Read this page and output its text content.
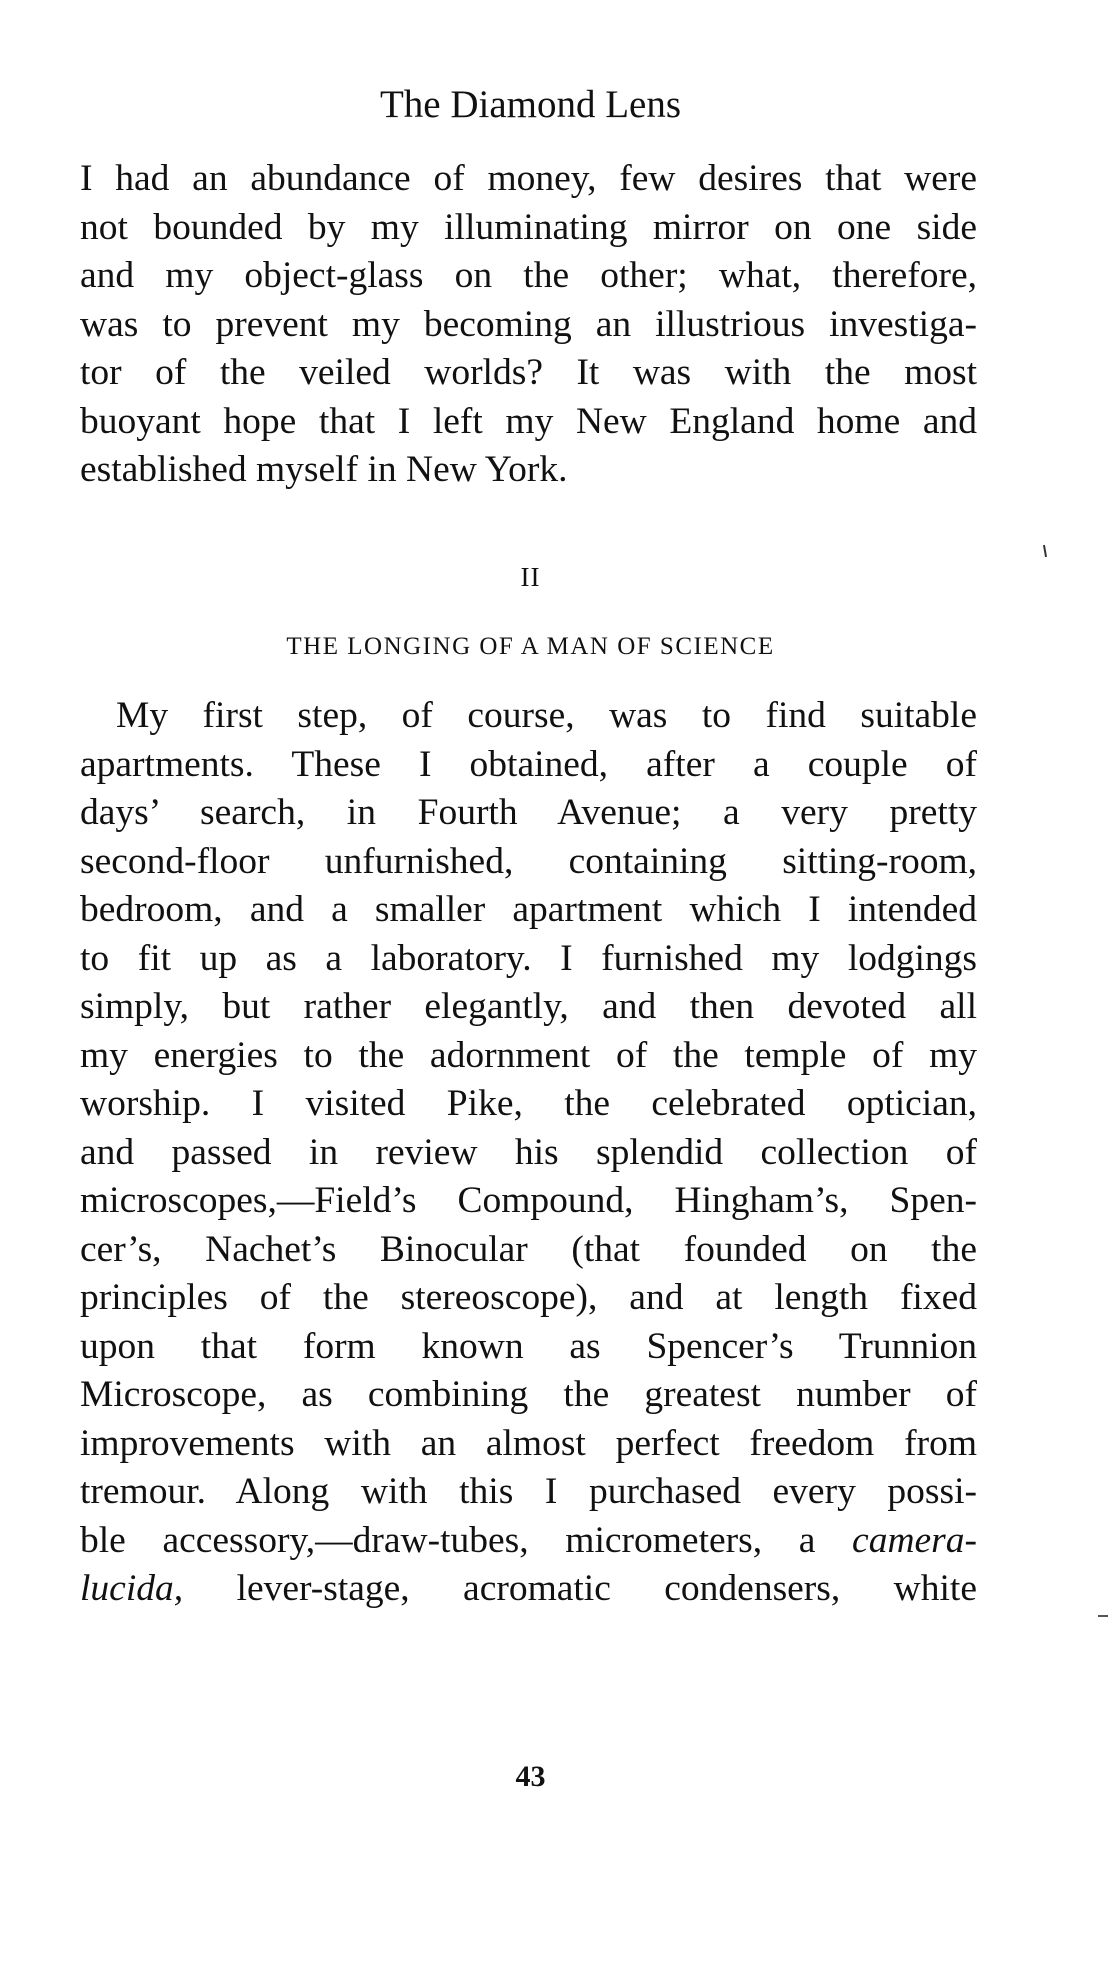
The Diamond Lens
I had an abundance of money, few desires that were
not bounded by my illuminating mirror on one side
and my object-glass on the other; what, therefore,
was to prevent my becoming an illustrious investiga-
tor of the veiled worlds? It was with the most
buoyant hope that I left my New England home and
established myself in New York.
II
THE LONGING OF A MAN OF SCIENCE
My first step, of course, was to find suitable
apartments. These I obtained, after a couple of
days’ search, in Fourth Avenue; a very pretty
second-floor unfurnished, containing sitting-room,
bedroom, and a smaller apartment which I intended
to fit up as a laboratory. I furnished my lodgings
simply, but rather elegantly, and then devoted all
my energies to the adornment of the temple of my
worship. I visited Pike, the celebrated optician,
and passed in review his splendid collection of
microscopes,—Field’s Compound, Hingham’s, Spen-
cer’s, Nachet’s Binocular (that founded on the
principles of the stereoscope), and at length fixed
upon that form known as Spencer’s Trunnion
Microscope, as combining the greatest number of
improvements with an almost perfect freedom from
tremour. Along with this I purchased every possi-
ble accessory,—draw-tubes, micrometers, a camera-
lucida, lever-stage, acromatic condensers, white
43
